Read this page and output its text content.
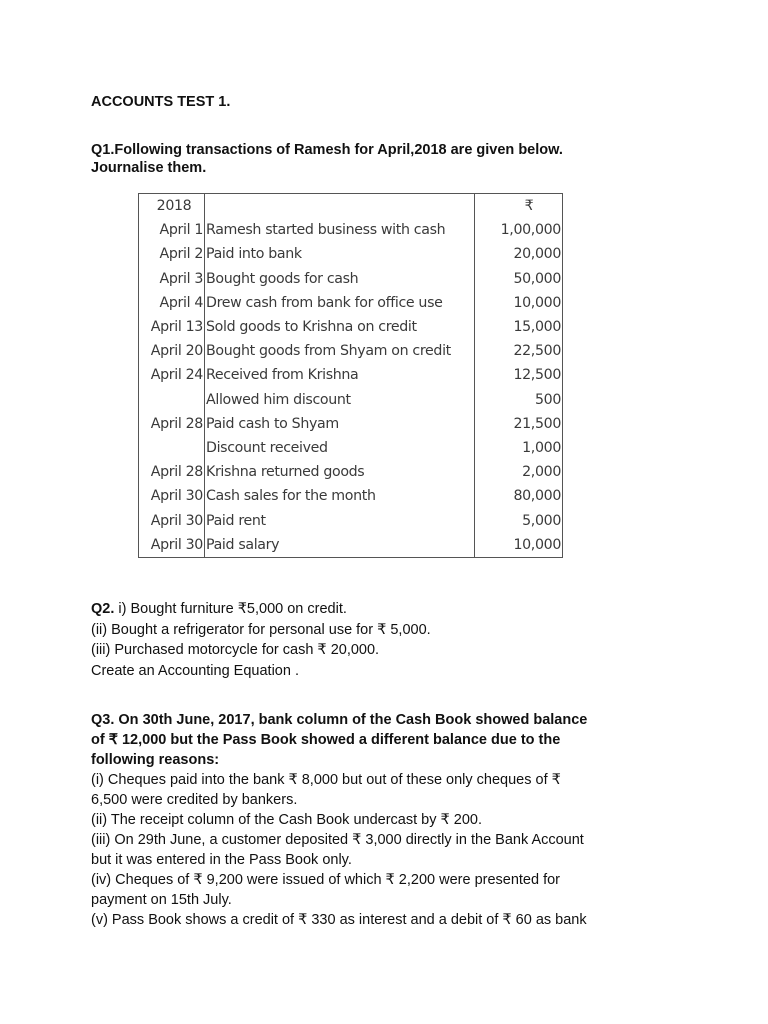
ACCOUNTS TEST 1.

Q1.Following transactions of Ramesh for April,2018 are given below.
Journalise them.

2018		₹
April 1	Ramesh started business with cash	1,00,000
April 2	Paid into bank	20,000
April 3	Bought goods for cash	50,000
April 4	Drew cash from bank for office use	10,000
April 13	Sold goods to Krishna on credit	15,000
April 20	Bought goods from Shyam on credit	22,500
April 24	Received from Krishna	12,500
	Allowed him discount	500
April 28	Paid cash to Shyam	21,500
	Discount received	1,000
April 28	Krishna returned goods	2,000
April 30	Cash sales for the month	80,000
April 30	Paid rent	5,000
April 30	Paid salary	10,000

Q2. i) Bought furniture ₹5,000 on credit.
(ii) Bought a refrigerator for personal use for ₹ 5,000.
(iii) Purchased motorcycle for cash ₹ 20,000.
Create an Accounting Equation .

Q3. On 30th June, 2017, bank column of the Cash Book showed balance
of ₹ 12,000 but the Pass Book showed a different balance due to the
following reasons:
(i) Cheques paid into the bank ₹ 8,000 but out of these only cheques of ₹
6,500 were credited by bankers.
(ii) The receipt column of the Cash Book undercast by ₹ 200.
(iii) On 29th June, a customer deposited ₹ 3,000 directly in the Bank Account
but it was entered in the Pass Book only.
(iv) Cheques of ₹ 9,200 were issued of which ₹ 2,200 were presented for
payment on 15th July.
(v) Pass Book shows a credit of ₹ 330 as interest and a debit of ₹ 60 as bank
